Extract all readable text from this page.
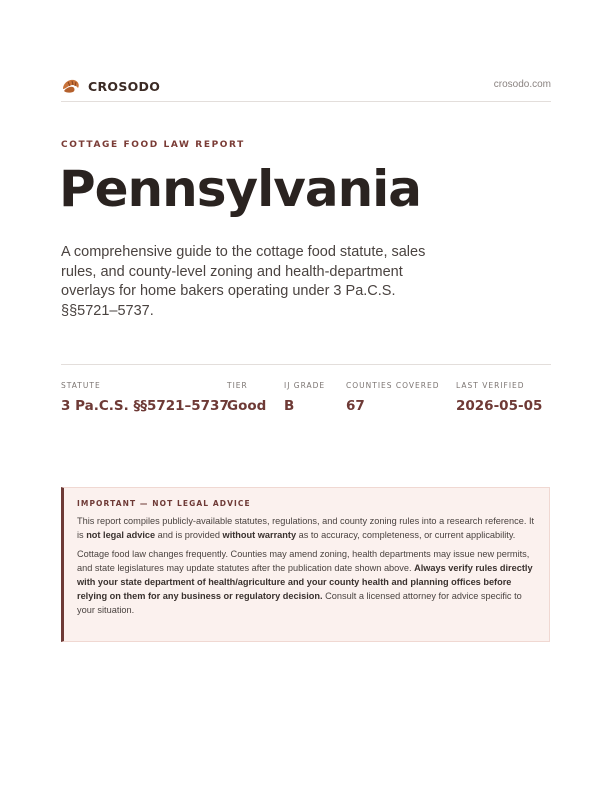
CROSODO	crosodo.com
COTTAGE FOOD LAW REPORT
Pennsylvania
A comprehensive guide to the cottage food statute, sales rules, and county-level zoning and health-department overlays for home bakers operating under 3 Pa.C.S. §§5721–5737.
STATUTE
3 Pa.C.S. §§5721–5737
TIER
Good
IJ GRADE
B
COUNTIES COVERED
67
LAST VERIFIED
2026-05-05
IMPORTANT — NOT LEGAL ADVICE

This report compiles publicly-available statutes, regulations, and county zoning rules into a research reference. It is not legal advice and is provided without warranty as to accuracy, completeness, or current applicability.

Cottage food law changes frequently. Counties may amend zoning, health departments may issue new permits, and state legislatures may update statutes after the publication date shown above. Always verify rules directly with your state department of health/agriculture and your county health and planning offices before relying on them for any business or regulatory decision. Consult a licensed attorney for advice specific to your situation.
